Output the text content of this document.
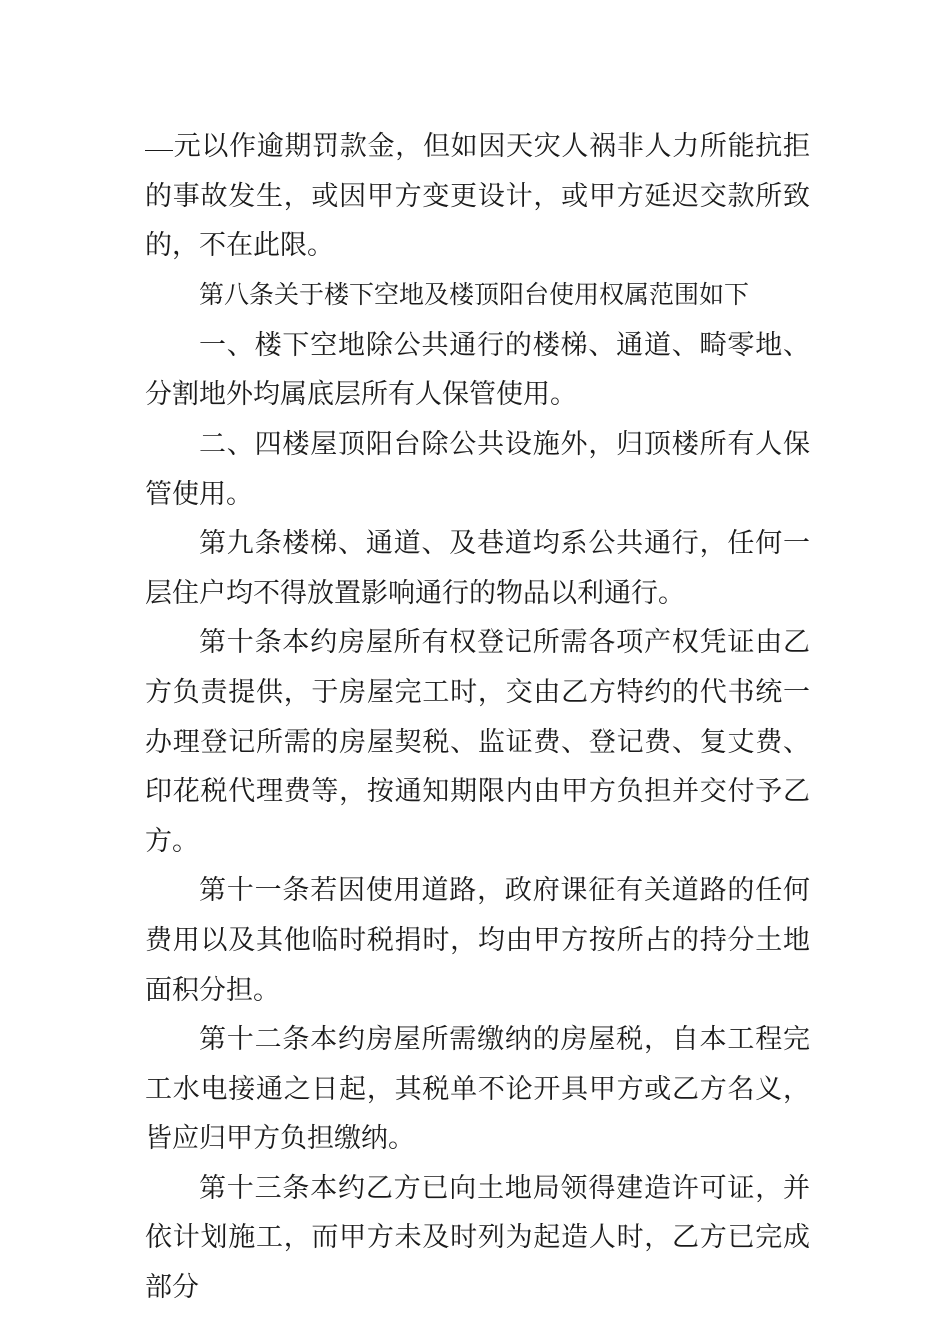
元以作逾期罚款金，但如因天灾人祸非人力所能抗拒的事故发生，或因甲方变更设计，或甲方延迟交款所致的，不在此限。

第八条关于楼下空地及楼顶阳台使用权属范围如下

一、楼下空地除公共通行的楼梯、通道、畸零地、分割地外均属底层所有人保管使用。

二、四楼屋顶阳台除公共设施外，归顶楼所有人保管使用。

第九条楼梯、通道、及巷道均系公共通行，任何一层住户均不得放置影响通行的物品以利通行。

第十条本约房屋所有权登记所需各项产权凭证由乙方负责提供，于房屋完工时，交由乙方特约的代书统一办理登记所需的房屋契税、监证费、登记费、复丈费、印花税代理费等，按通知期限内由甲方负担并交付予乙方。

第十一条若因使用道路，政府课征有关道路的任何费用以及其他临时税捐时，均由甲方按所占的持分土地面积分担。

第十二条本约房屋所需缴纳的房屋税，自本工程完工水电接通之日起，其税单不论开具甲方或乙方名义，皆应归甲方负担缴纳。

第十三条本约乙方已向土地局领得建造许可证，并依计划施工，而甲方未及时列为起造人时，乙方已完成部分
